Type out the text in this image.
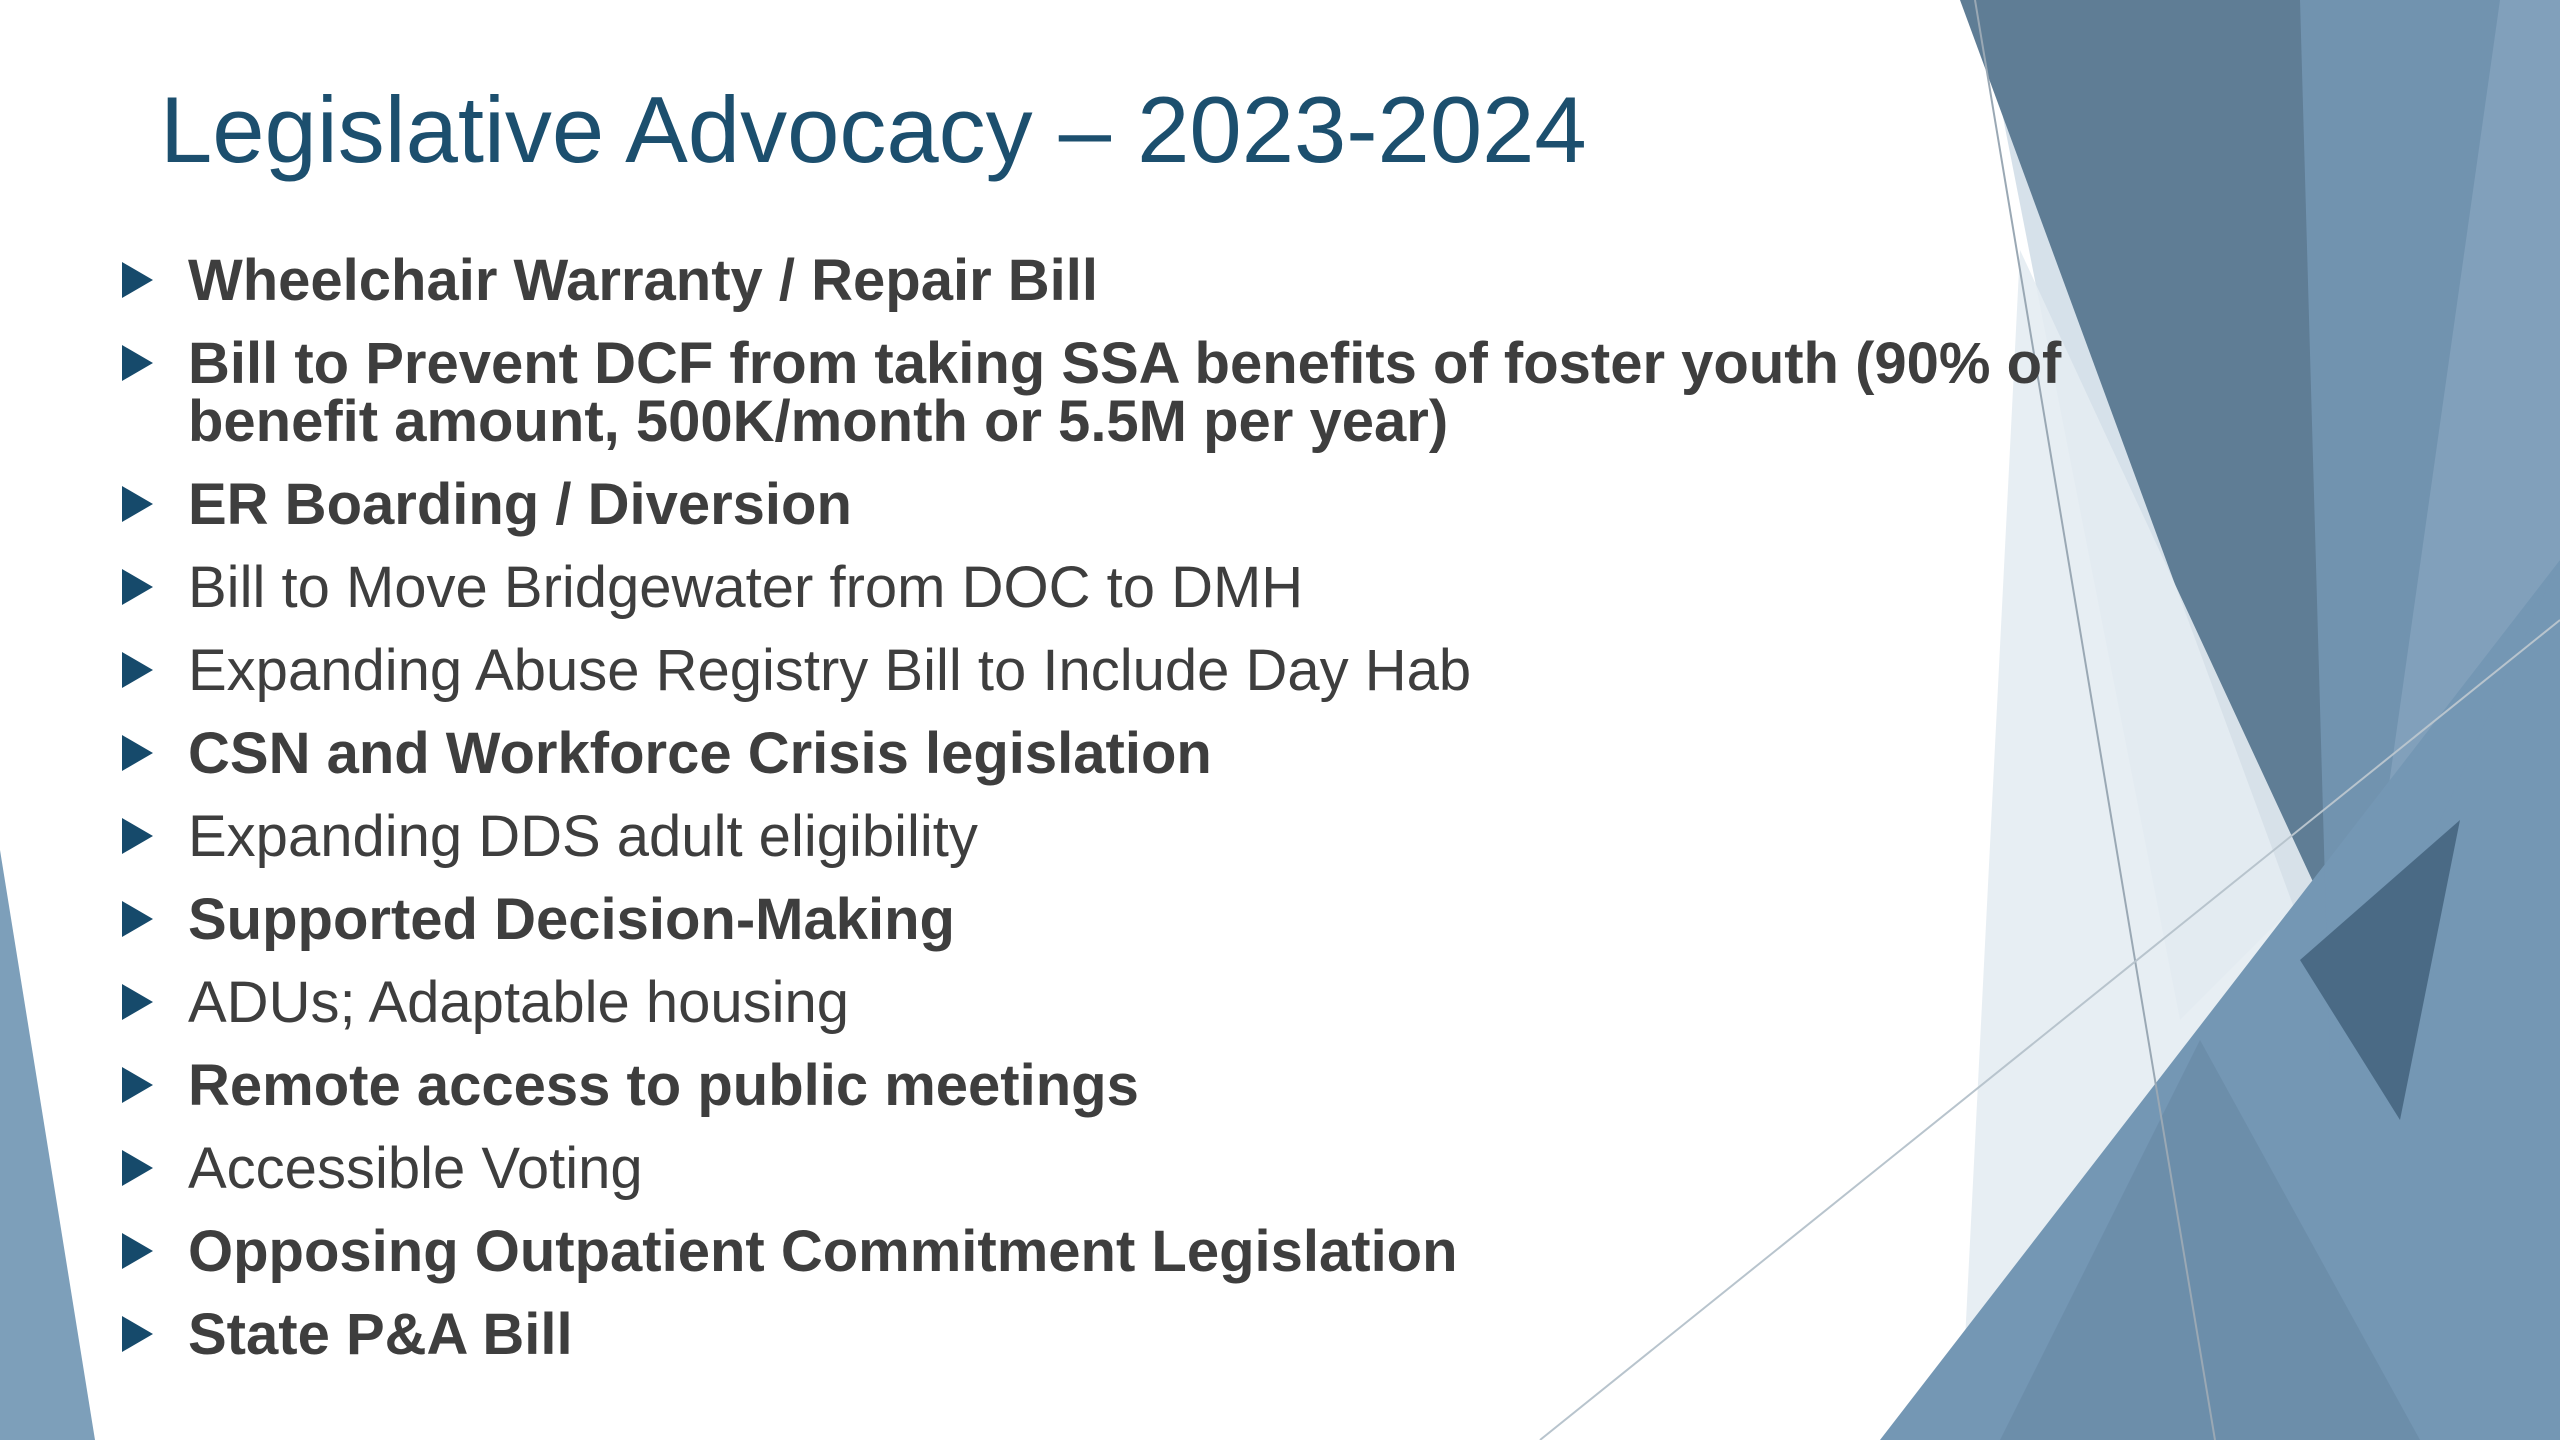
Legislative Advocacy – 2023-2024
Wheelchair Warranty / Repair Bill
Bill to Prevent DCF from taking SSA benefits of foster youth (90% of benefit amount, 500K/month or 5.5M per year)
ER Boarding / Diversion
Bill to Move Bridgewater from DOC to DMH
Expanding Abuse Registry Bill to Include Day Hab
CSN and Workforce Crisis legislation
Expanding DDS adult eligibility
Supported Decision-Making
ADUs; Adaptable housing
Remote access to public meetings
Accessible Voting
Opposing Outpatient Commitment Legislation
State P&A Bill
